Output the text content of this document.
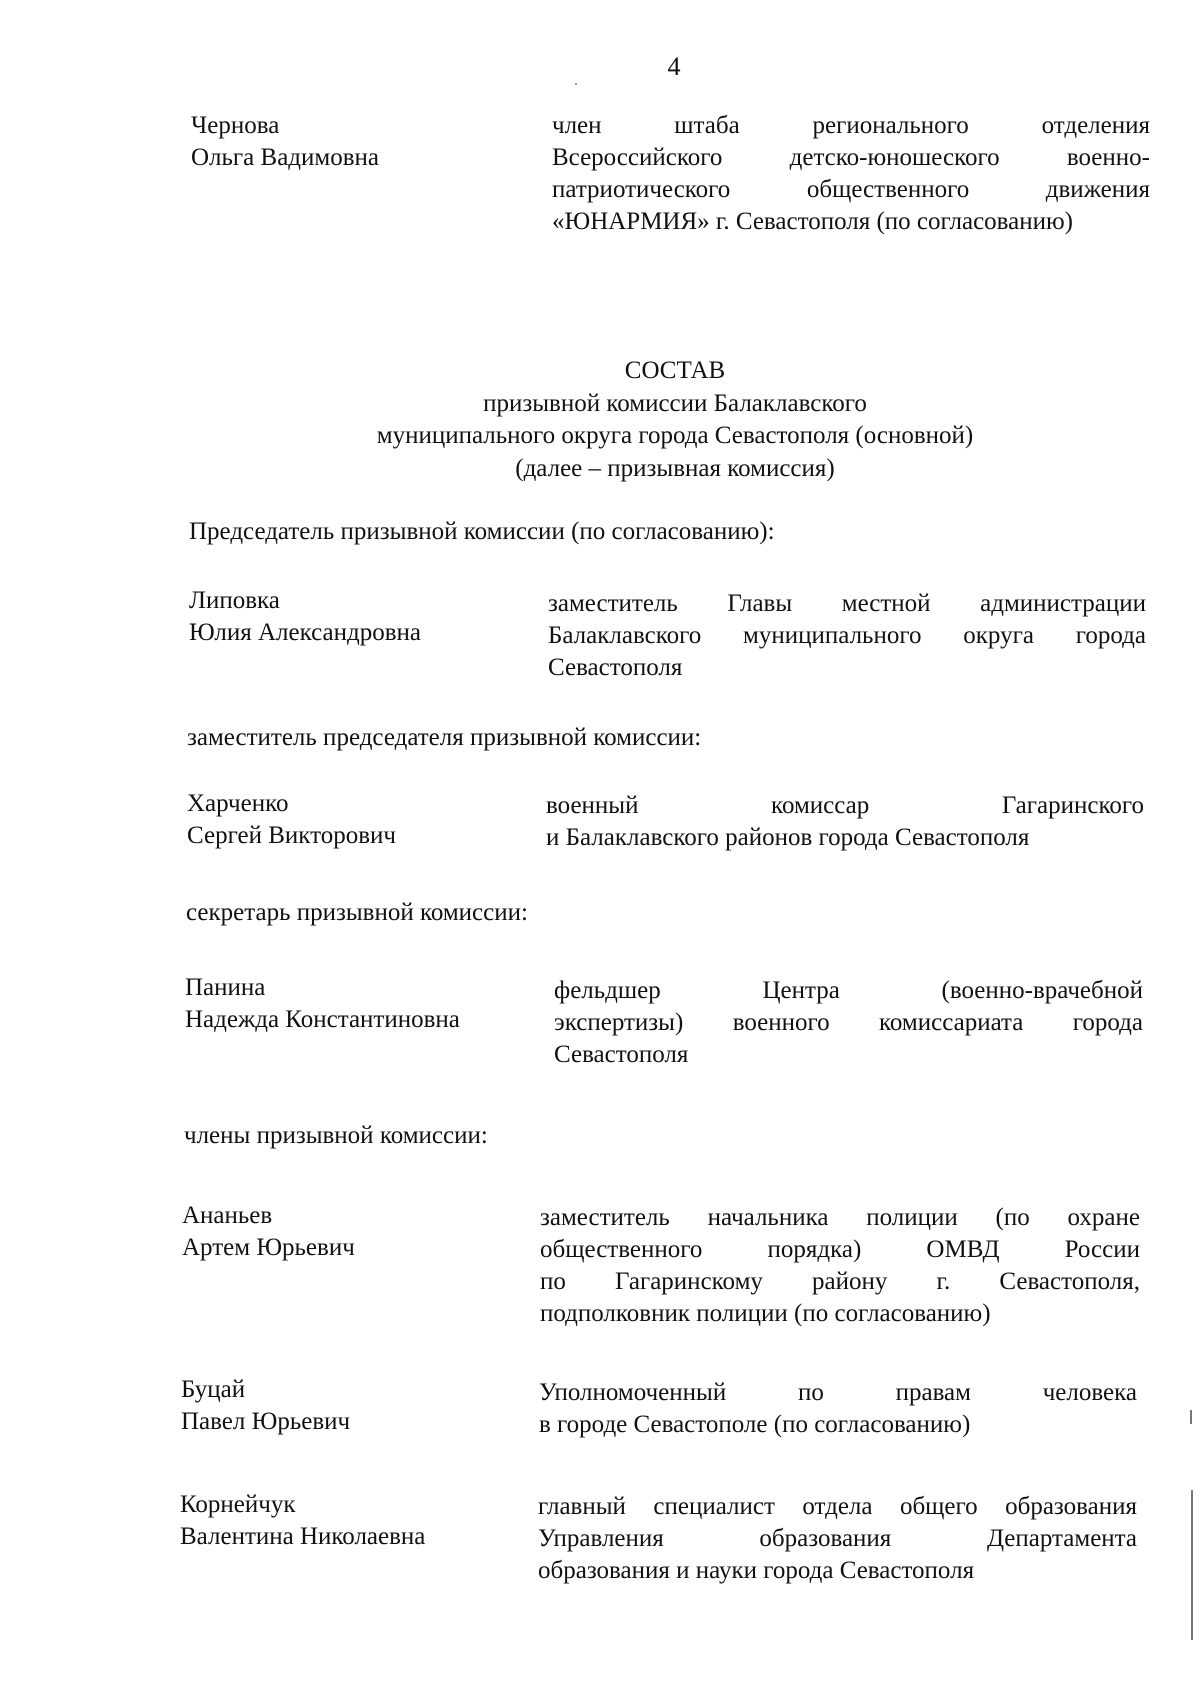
4
Чернова
Ольга Вадимовна
член штаба регионального отделения
Всероссийского детско-юношеского военно-
патриотического общественного движения
«ЮНАРМИЯ» г. Севастополя (по согласованию)
СОСТАВ
призывной комиссии Балаклавского
муниципального округа города Севастополя (основной)
(далее – призывная комиссия)
Председатель призывной комиссии (по согласованию):
Липовка
Юлия Александровна
заместитель Главы местной администрации
Балаклавского муниципального округа города
Севастополя
заместитель председателя призывной комиссии:
Харченко
Сергей Викторович
военный комиссар Гагаринского
и Балаклавского районов города Севастополя
секретарь призывной комиссии:
Панина
Надежда Константиновна
фельдшер Центра (военно-врачебной
экспертизы) военного комиссариата города
Севастополя
члены призывной комиссии:
Ананьев
Артем Юрьевич
заместитель начальника полиции (по охране
общественного порядка) ОМВД России
по Гагаринскому району г. Севастополя,
подполковник полиции (по согласованию)
Буцай
Павел Юрьевич
Уполномоченный по правам человека
в городе Севастополе (по согласованию)
Корнейчук
Валентина Николаевна
главный специалист отдела общего образования
Управления образования Департамента
образования и науки города Севастополя
